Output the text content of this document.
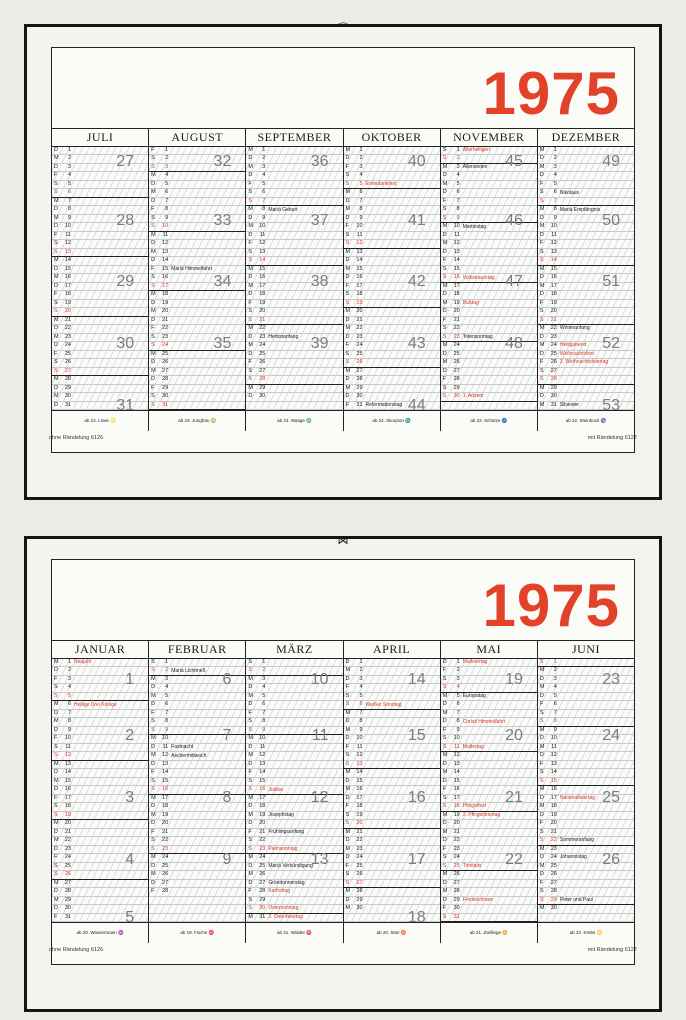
⌒
1975
JULI
D	1
M	2
D	3
F	4
S	5
S	6
M	7
D	8
M	9
D	10
F	11
S	12
S	13
M	14
D	15
M	16
D	17
F	18
S	19
S	20
M	21
D	22
M	23
D	24
F	25
S	26
S	27
M	28
D	29
M	30
D	31
27
28
29
30
31
ab 23. Löwe ♌
AUGUST
F	1
S	2
S	3
M	4
D	5
M	6
D	7
F	8
S	9
S	10
M	11
D	12
M	13
D	14
F	15 Mariä Himmelfahrt
S	16
S	17
M	18
D	19
M	20
D	21
F	22
S	23
S	24
M	25
D	26
M	27
D	28
F	29
S	30
S	31
32
33
34
35
ab 23. Jungfrau ♍
SEPTEMBER
M	1
D	2
M	3
D	4
F	5
S	6
S	7
M	8 Mariä Geburt
D	9
M	10
D	11
F	12
S	13
S	14
M	15
D	16
M	17
D	18
F	19
S	20
S	21
M	22
D	23 Herbstanfang
M	24
D	25
F	26
S	27
S	28
M	29
D	30
36
37
38
39
ab 23. Waage ♎
OKTOBER
M	1
D	2
F	3
S	4
S	5 Erntedankfest
M	6
D	7
M	8
D	9
F	10
S	11
S	12
M	13
D	14
M	15
D	16
F	17
S	18
S	19
M	20
D	21
M	22
D	23
F	24
S	25
S	26
M	27
D	28
M	29
D	30
F	31 Reformationstag
40
41
42
43
44
ab 24. Skorpion ♏
NOVEMBER
S	1 Allerheiligen
S	2
M	3 Allerseelen
D	4
M	5
D	6
F	7
S	8
S	9
M	10 Martinstag
D	11
M	12
D	13
F	14
S	15
S	16 Volkstrauertag
M	17
D	18
M	19 Bußtag
D	20
F	21
S	22
S	23 Totensonntag
M	24
D	25
M	26
D	27
F	28
S	29
S	30 1. Advent
45
46
47
48
ab 22. Schütze ♐
DEZEMBER
M	1
D	2
M	3
D	4
F	5
S	6 Nikolaus
S	7
M	8 Mariä Empfängnis
D	9
M	10
D	11
F	12
S	13
S	14
M	15
D	16
M	17
D	18
F	19
S	20
S	21
M	22 Winteranfang
D	23
M	24 Heiligabend
D	25 Weihnachtsfest
F	26 2. Weihnachtsfeiertag
S	27
S	28
M	29
D	30
M	31 Silvester
49
50
51
52
53
ab 22. Steinbock ♑
ohne Rändelung 6126	mit Rändelung 6127
⋈
1975
JANUAR
M	1 Neujahr
D	2
F	3
S	4
S	5
M	6 Heilige Drei Könige
D	7
M	8
D	9
F	10
S	11
S	12
M	13
D	14
M	15
D	16
F	17
S	18
S	19
M	20
D	21
M	22
D	23
F	24
S	25
S	26
M	27
D	28
M	29
D	30
F	31
1
2
3
4
5
ab 20. Wassermann ♒
FEBRUAR
S	1
S	2 Mariä Lichtmeß
M	3
D	4
M	5
D	6
F	7
S	8
S	9
M	10
D	11 Fastnacht
M	12 Aschermittwoch
D	13
F	14
S	15
S	16
M	17
D	18
M	19
D	20
F	21
S	22
S	23
M	24
D	25
M	26
D	27
F	28
6
7
8
9
ab 19. Fische ♓
MÄRZ
S	1
S	2
M	3
D	4
M	5
D	6
F	7
S	8
S	9
M	10
D	11
M	12
D	13
F	14
S	15
S	16 Judika
M	17
D	18
M	19 Josephstag
D	20
F	21 Frühlingsanfang
S	22
S	23 Palmsonntag
M	24
D	25 Mariä Verkündigung
M	26
D	27 Gründonnerstag
F	28 Karfreitag
S	29
S	30 Ostersonntag
M	31 2. Osterfeiertag
10
11
12
13
ab 21. Widder ♈
APRIL
D	1
M	2
D	3
F	4
S	5
S	6 Weißer Sonntag
M	7
D	8
M	9
D	10
F	11
S	12
S	13
M	14
D	15
M	16
D	17
F	18
S	19
S	20
M	21
D	22
M	23
D	24
F	25
S	26
S	27
M	28
D	29
M	30
14
15
16
17
18
ab 20. Stier ♉
MAI
D	1 Maifeiertag
F	2
S	3
S	4
M	5 Europatag
D	6
M	7
D	8 Christi Himmelfahrt
F	9
S	10
S	11 Muttertag
M	12
D	13
M	14
D	15
F	16
S	17
S	18 Pfingstfest
M	19 2. Pfingstfeiertag
D	20
M	21
D	22
F	23
S	24
S	25 Trinitatis
M	26
D	27
M	28
D	29 Fronleichnam
F	30
S	31
19
20
21
22
ab 21. Zwillinge ♊
JUNI
S	1
M	2
D	3
M	4
D	5
F	6
S	7
S	8
M	9
D	10
M	11
D	12
F	13
S	14
S	15
M	16
D	17 Nationalfeiertag
M	18
D	19
F	20
S	21
S	22 Sommeranfang
M	23
D	24 Johannistag
M	25
D	26
F	27
S	28
S	29 Peter und Paul
M	30
23
24
25
26
ab 22. Krebs ♋
ohne Rändelung 6126	mit Rändelung 6127
